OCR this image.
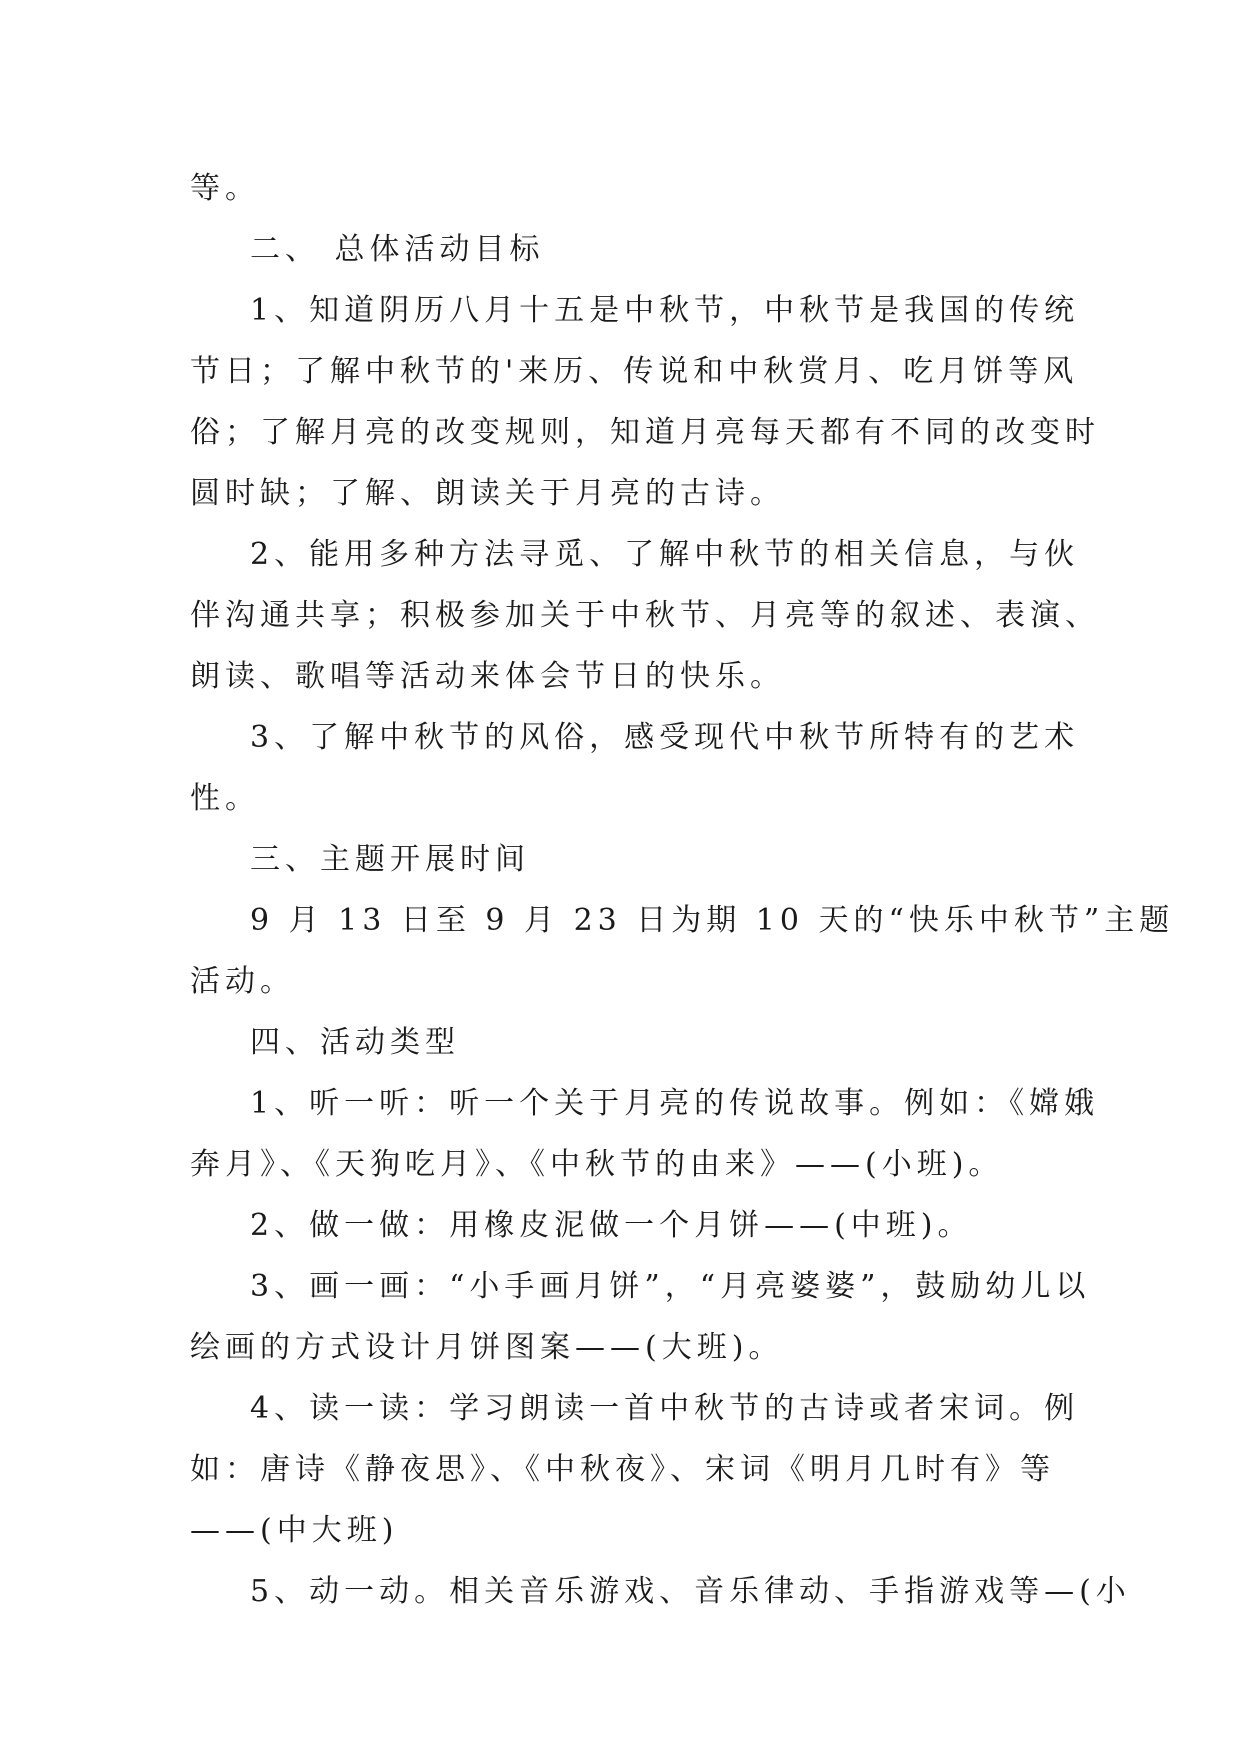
等。
二、 总体活动目标
1、知道阴历八月十五是中秋节，中秋节是我国的传统
节日；了解中秋节的'来历、传说和中秋赏月、吃月饼等风
俗；了解月亮的改变规则，知道月亮每天都有不同的改变时
圆时缺；了解、朗读关于月亮的古诗。
2、能用多种方法寻觅、了解中秋节的相关信息，与伙
伴沟通共享；积极参加关于中秋节、月亮等的叙述、表演、
朗读、歌唱等活动来体会节日的快乐。
3、了解中秋节的风俗，感受现代中秋节所特有的艺术
性。
三、主题开展时间
9 月 13 日至 9 月 23 日为期 10 天的“快乐中秋节”主题
活动。
四、活动类型
1、听一听：听一个关于月亮的传说故事。例如：《嫦娥
奔月》、《天狗吃月》、《中秋节的由来》——(小班)。
2、做一做：用橡皮泥做一个月饼——(中班)。
3、画一画：“小手画月饼”，“月亮婆婆”，鼓励幼儿以
绘画的方式设计月饼图案——(大班)。
4、读一读：学习朗读一首中秋节的古诗或者宋词。例
如：唐诗《静夜思》、《中秋夜》、宋词《明月几时有》等
——(中大班)
5、动一动。相关音乐游戏、音乐律动、手指游戏等—(小
